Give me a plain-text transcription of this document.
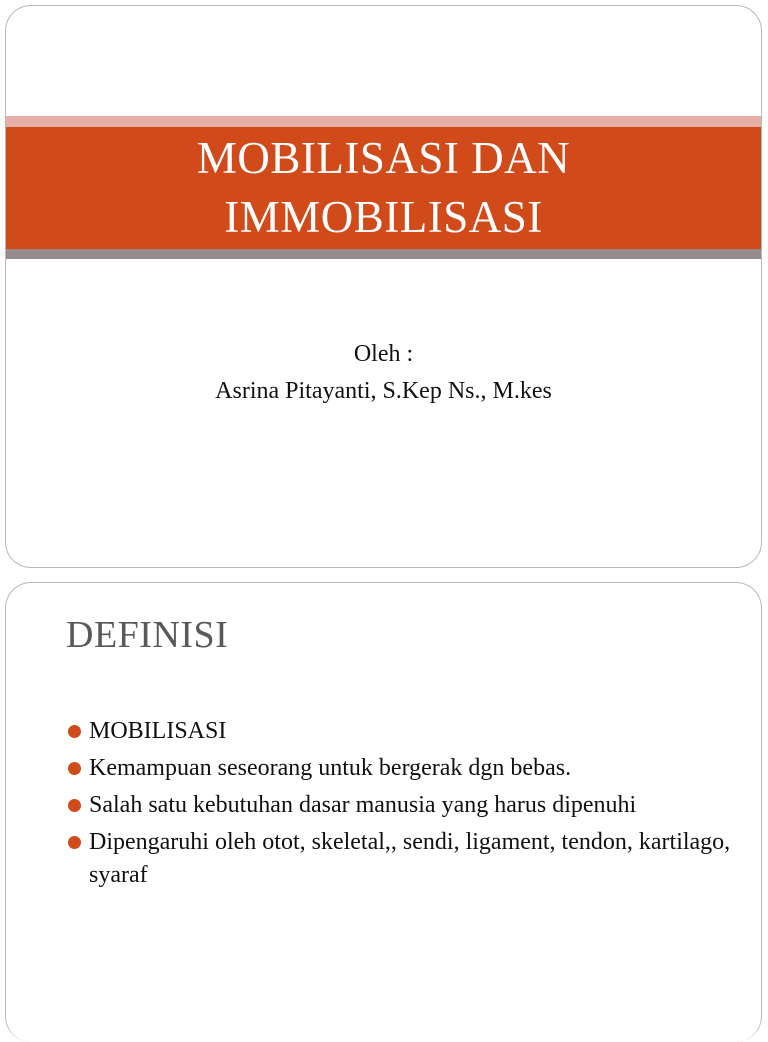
MOBILISASI DAN
IMMOBILISASI
Oleh :
Asrina Pitayanti, S.Kep Ns., M.kes
DEFINISI
MOBILISASI
Kemampuan seseorang untuk bergerak dgn bebas.
Salah satu kebutuhan dasar manusia yang harus dipenuhi
Dipengaruhi oleh otot, skeletal,, sendi, ligament, tendon, kartilago, syaraf
